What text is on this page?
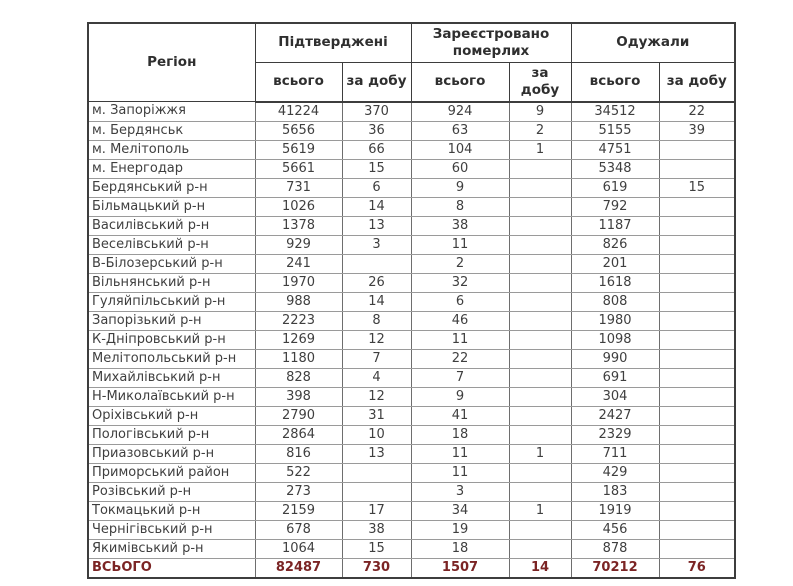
Регіон	Підтверджені		Зареєстровано померлих		Одужали	
	всього	за добу	всього	за добу	всього	за добу
м. Запоріжжя	41224	370	924	9	34512	22
м. Бердянськ	5656	36	63	2	5155	39
м. Мелітополь	5619	66	104	1	4751	
м. Енергодар	5661	15	60		5348	
Бердянський р-н	731	6	9		619	15
Більмацький р-н	1026	14	8		792	
Василівський р-н	1378	13	38		1187	
Веселівський р-н	929	3	11		826	
В-Білозерський р-н	241		2		201	
Вільнянський р-н	1970	26	32		1618	
Гуляйпільський р-н	988	14	6		808	
Запорізький р-н	2223	8	46		1980	
К-Дніпровський р-н	1269	12	11		1098	
Мелітопольський р-н	1180	7	22		990	
Михайлівський р-н	828	4	7		691	
Н-Миколаївський р-н	398	12	9		304	
Оріхівський р-н	2790	31	41		2427	
Пологівський р-н	2864	10	18		2329	
Приазовський р-н	816	13	11	1	711	
Приморський район	522		11		429	
Розівський р-н	273		3		183	
Токмацький р-н	2159	17	34	1	1919	
Чернігівський р-н	678	38	19		456	
Якимівський р-н	1064	15	18		878	
ВСЬОГО	82487	730	1507	14	70212	76
